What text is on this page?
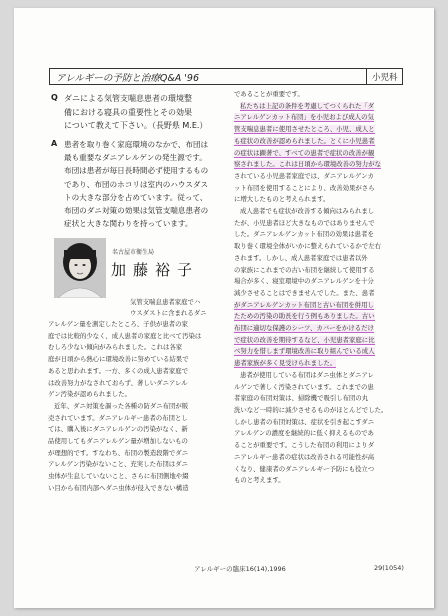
アレルギーの予防と治療Q&A '96	小児科
Q ダニによる気管支喘息患者の環境整
備における寝具の重要性とその効果
について教えて下さい。（長野県 M.E.）
A 患者を取り巻く家庭環境のなかで、布団は
最も重要なダニアレルゲンの発生源です。
布団は患者が毎日長時間必ず使用するもの
であり、布団のホコリは室内のハウスダス
トの大きな部分を占めています。従って、
布団のダニ対策の効果は気管支喘息患者の
症状と大きな関わりを持っています。
名古屋市衛生局
加藤裕子
気管支喘息患者家庭でハ
ウスダストに含まれるダニ
アレルゲン量を測定したところ、子供が患者の家
庭では比較的少なく、成人患者の家庭と比べて汚染は
むしろ少ない傾向がみられました。これは各家
庭が日頃から熱心に環境改善に努めている結果で
あると思われます。一方、多くの成人患者家庭で
は改善努力がなされておらず、著しいダニアレル
ゲン汚染が認められました。
近年、ダニ対策を謳った各種の防ダニ布団が販
売されています。ダニアレルギー患者の布団とし
ては、購入後にダニアレルゲンの汚染がなく、新
品使用してもダニアレルゲン量が増加しないもの
が理想的です。すなわち、布団の製造段階でダニ
アレルゲン汚染がないこと、充実した布団はダニ
虫体が生息していないこと、さらに布団側地や綴
い目から布団内部へダニ虫体が侵入できない構造
であることが重要です。
私たちは上記の条件を考慮してつくられた「ダ
ニアレルゲンカット布団」を小児および成人の気
管支喘息患者に使用させたところ、小児、成人と
も症状の改善が認められました。とくに小児患者
の症状は顕著で、すべての患者で症状の改善が観
察されました。これは日頃から環境改善の努力がな
されている小児患者家庭では、ダニアレルゲンカ
ット布団を使用することにより、改善効果がさら
に増大したものと考えられます。
成人患者でも症状が改善する傾向はみられまし
たが、小児患者ほど大きなものではありませんで
した。ダニアレルゲンカット布団の効果は患者を
取り巻く環境全体がいかに整えられているかで左右
されます。しかし、成人患者家庭では患者以外
の家族にこれまでの古い布団を継続して使用する
場合が多く、寝室環境中のダニアレルゲンを十分
減少させることはできませんでした。また、患者
がダニアレルゲンカット布団と古い布団を併用し
たための汚染の助長を行う例もありました。古い
布団に適切な保護のシーツ、カバーをかけるだけ
で症状の改善を期待するなど、小児患者家庭に比
べ努力を惜しまず環境改善に取り組んでいる成人
患者家族が多く見受けられました。
患者が使用している布団はダニ虫体とダニアレ
ルゲンで著しく汚染されています。これまでの患
者家庭の布団対策は、掃除機で吸引し布団の丸
洗いなど一時的に減少させるものがほとんどでした。
しかし患者の布団対策は、症状を引き起こすダニ
アレルゲンの濃度を継続的に低く抑えるものであ
ることが重要です。こうした布団の利用によりダ
ニアレルギー患者の症状は改善される可能性が高
くなり、健康者のダニアレルギー予防にも役立つ
ものと考えます。
アレルギーの臨床16(14),1996	29(1054)
